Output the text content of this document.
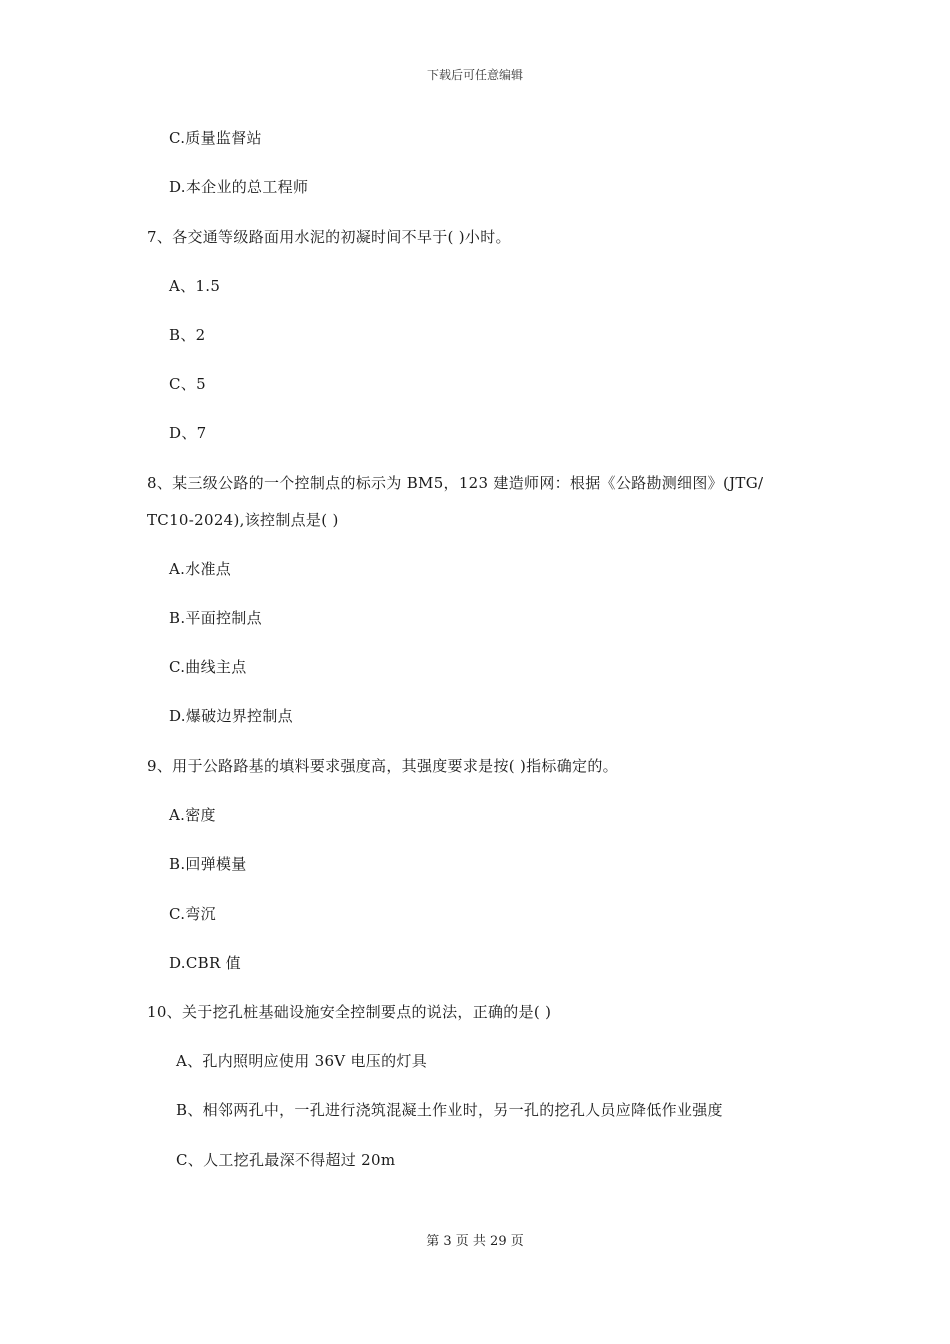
下载后可任意编辑
C.质量监督站
D.本企业的总工程师
7、各交通等级路面用水泥的初凝时间不早于( )小时。
A、1.5
B、2
C、5
D、7
8、某三级公路的一个控制点的标示为 BM5，123 建造师网：根据《公路勘测细图》(JTG/
TC10-2024),该控制点是( )
A.水准点
B.平面控制点
C.曲线主点
D.爆破边界控制点
9、用于公路路基的填料要求强度高，其强度要求是按( )指标确定的。
A.密度
B.回弹模量
C.弯沉
D.CBR 值
10、关于挖孔桩基础设施安全控制要点的说法，正确的是( )
A、孔内照明应使用 36V 电压的灯具
B、相邻两孔中，一孔进行浇筑混凝土作业时，另一孔的挖孔人员应降低作业强度
C、人工挖孔最深不得超过 20m
第 3 页 共 29 页
